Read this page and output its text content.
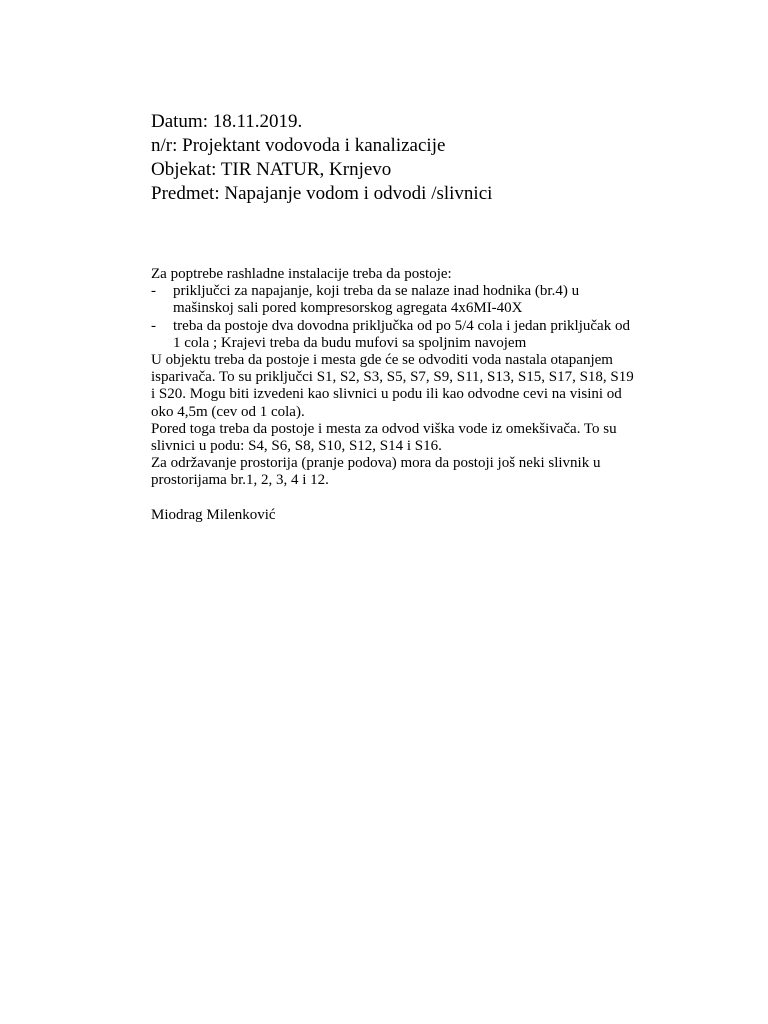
Datum: 18.11.2019.
n/r: Projektant vodovoda i kanalizacije
Objekat: TIR NATUR, Krnjevo
Predmet: Napajanje vodom i odvodi /slivnici
Za poptrebe rashladne instalacije treba da postoje:
- priključci za napajanje, koji treba da se nalaze inad hodnika (br.4) u
mašinskoj sali pored kompresorskog agregata 4x6MI-40X
- treba da postoje dva dovodna priključka od po 5/4 cola i jedan priključak od
1 cola ; Krajevi treba da budu mufovi sa spoljnim navojem
U objektu treba da postoje i mesta gde će se odvoditi voda nastala otapanjem
isparivača. To su priključci S1, S2, S3, S5, S7, S9, S11, S13, S15, S17, S18, S19
i S20. Mogu biti izvedeni kao slivnici u podu ili kao odvodne cevi na visini od
oko 4,5m (cev od 1 cola).
Pored toga treba da postoje i mesta za odvod viška vode iz omekšivača. To su
slivnici u podu: S4, S6, S8, S10, S12, S14 i S16.
Za održavanje prostorija (pranje podova) mora da postoji još neki slivnik u
prostorijama br.1, 2, 3, 4 i 12.
Miodrag Milenković
